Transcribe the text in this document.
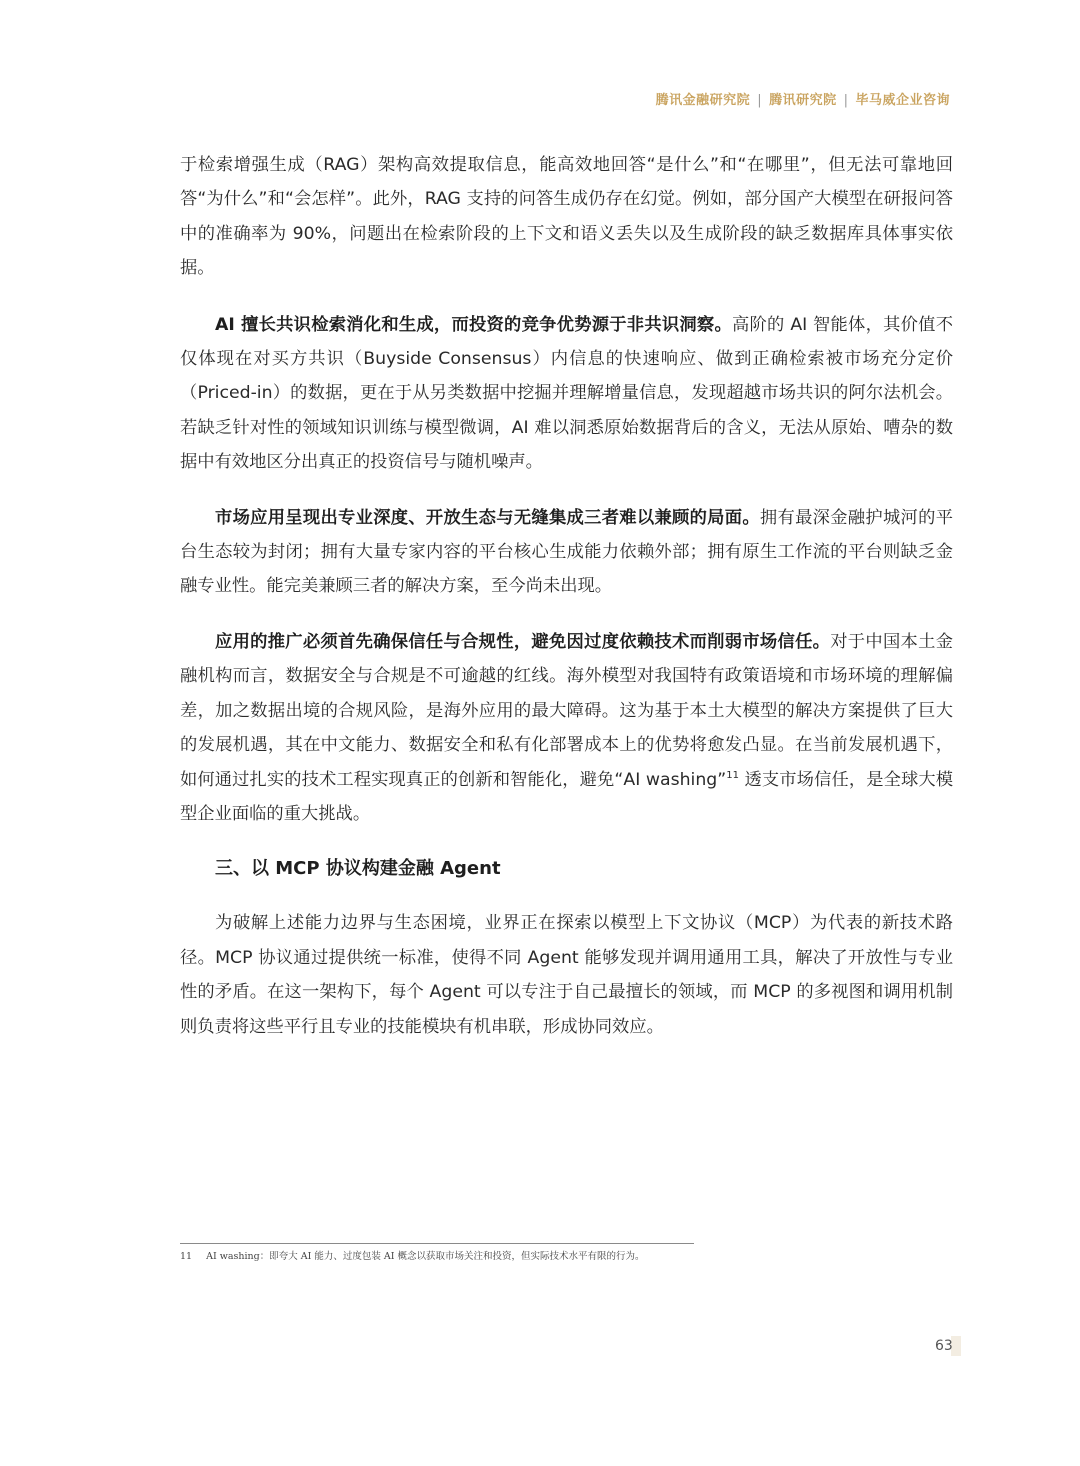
腾讯金融研究院 | 腾讯研究院 | 毕马威企业咨询

于检索增强生成（RAG）架构高效提取信息，能高效地回答“是什么”和“在哪里”，但无法可靠地回答“为什么”和“会怎样”。此外，RAG 支持的问答生成仍存在幻觉。例如，部分国产大模型在研报问答中的准确率为 90%，问题出在检索阶段的上下文和语义丢失以及生成阶段的缺乏数据库具体事实依据。

AI 擅长共识检索消化和生成，而投资的竞争优势源于非共识洞察。高阶的 AI 智能体，其价值不仅体现在对买方共识（Buyside Consensus）内信息的快速响应、做到正确检索被市场充分定价（Priced-in）的数据，更在于从另类数据中挖掘并理解增量信息，发现超越市场共识的阿尔法机会。若缺乏针对性的领域知识训练与模型微调，AI 难以洞悉原始数据背后的含义，无法从原始、嘈杂的数据中有效地区分出真正的投资信号与随机噪声。

市场应用呈现出专业深度、开放生态与无缝集成三者难以兼顾的局面。拥有最深金融护城河的平台生态较为封闭；拥有大量专家内容的平台核心生成能力依赖外部；拥有原生工作流的平台则缺乏金融专业性。能完美兼顾三者的解决方案，至今尚未出现。

应用的推广必须首先确保信任与合规性，避免因过度依赖技术而削弱市场信任。对于中国本土金融机构而言，数据安全与合规是不可逾越的红线。海外模型对我国特有政策语境和市场环境的理解偏差，加之数据出境的合规风险，是海外应用的最大障碍。这为基于本土大模型的解决方案提供了巨大的发展机遇，其在中文能力、数据安全和私有化部署成本上的优势将愈发凸显。在当前发展机遇下，如何通过扎实的技术工程实现真正的创新和智能化，避免“AI washing”$^{11}$ 透支市场信任，是全球大模型企业面临的重大挑战。

三、以 MCP 协议构建金融 Agent

为破解上述能力边界与生态困境，业界正在探索以模型上下文协议（MCP）为代表的新技术路径。MCP 协议通过提供统一标准，使得不同 Agent 能够发现并调用通用工具，解决了开放性与专业性的矛盾。在这一架构下，每个 Agent 可以专注于自己最擅长的领域，而 MCP 的多视图和调用机制则负责将这些平行且专业的技能模块有机串联，形成协同效应。

11 AI washing：即夸大 AI 能力、过度包装 AI 概念以获取市场关注和投资，但实际技术水平有限的行为。
63
